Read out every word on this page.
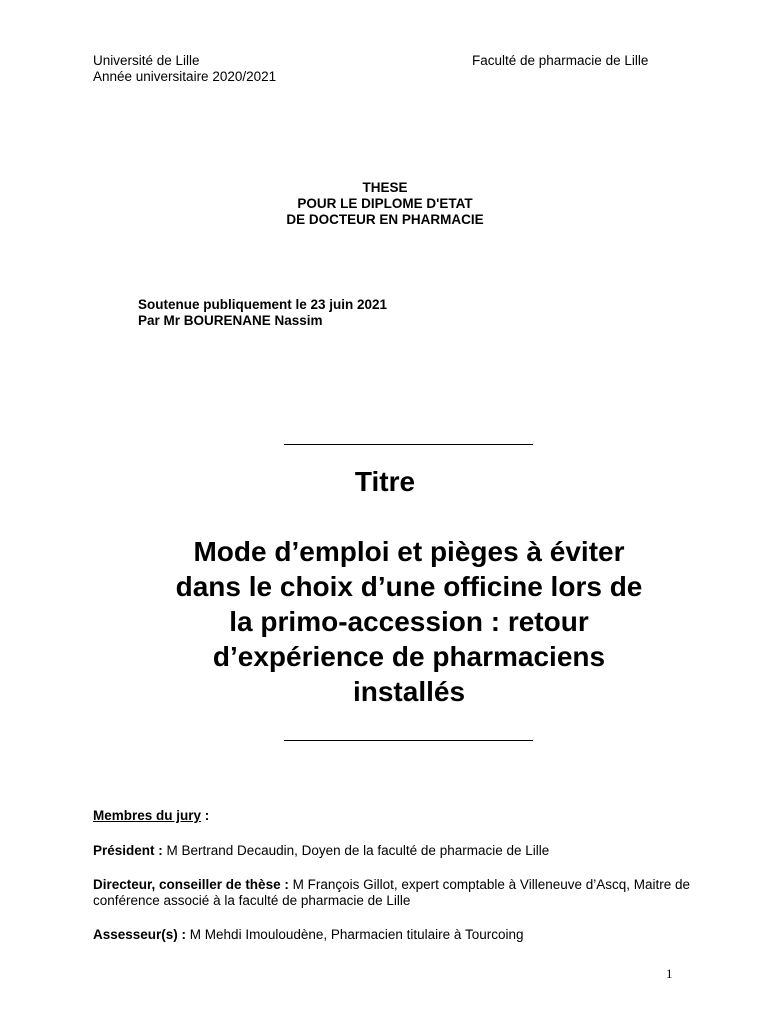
Université de Lille
Année universitaire 2020/2021
Faculté de pharmacie de Lille
THESE
POUR LE DIPLOME D'ETAT
DE DOCTEUR EN PHARMACIE
Soutenue publiquement le 23 juin 2021
Par Mr BOURENANE Nassim
Titre
Mode d’emploi et pièges à éviter
dans le choix d’une officine lors de
la primo-accession : retour
d’expérience de pharmaciens
installés
Membres du jury :
Président : M Bertrand Decaudin, Doyen de la faculté de pharmacie de Lille
Directeur, conseiller de thèse : M François Gillot, expert comptable à Villeneuve d’Ascq, Maitre de conférence associé à la faculté de pharmacie de Lille
Assesseur(s) : M Mehdi Imouloudène, Pharmacien titulaire à Tourcoing
1
